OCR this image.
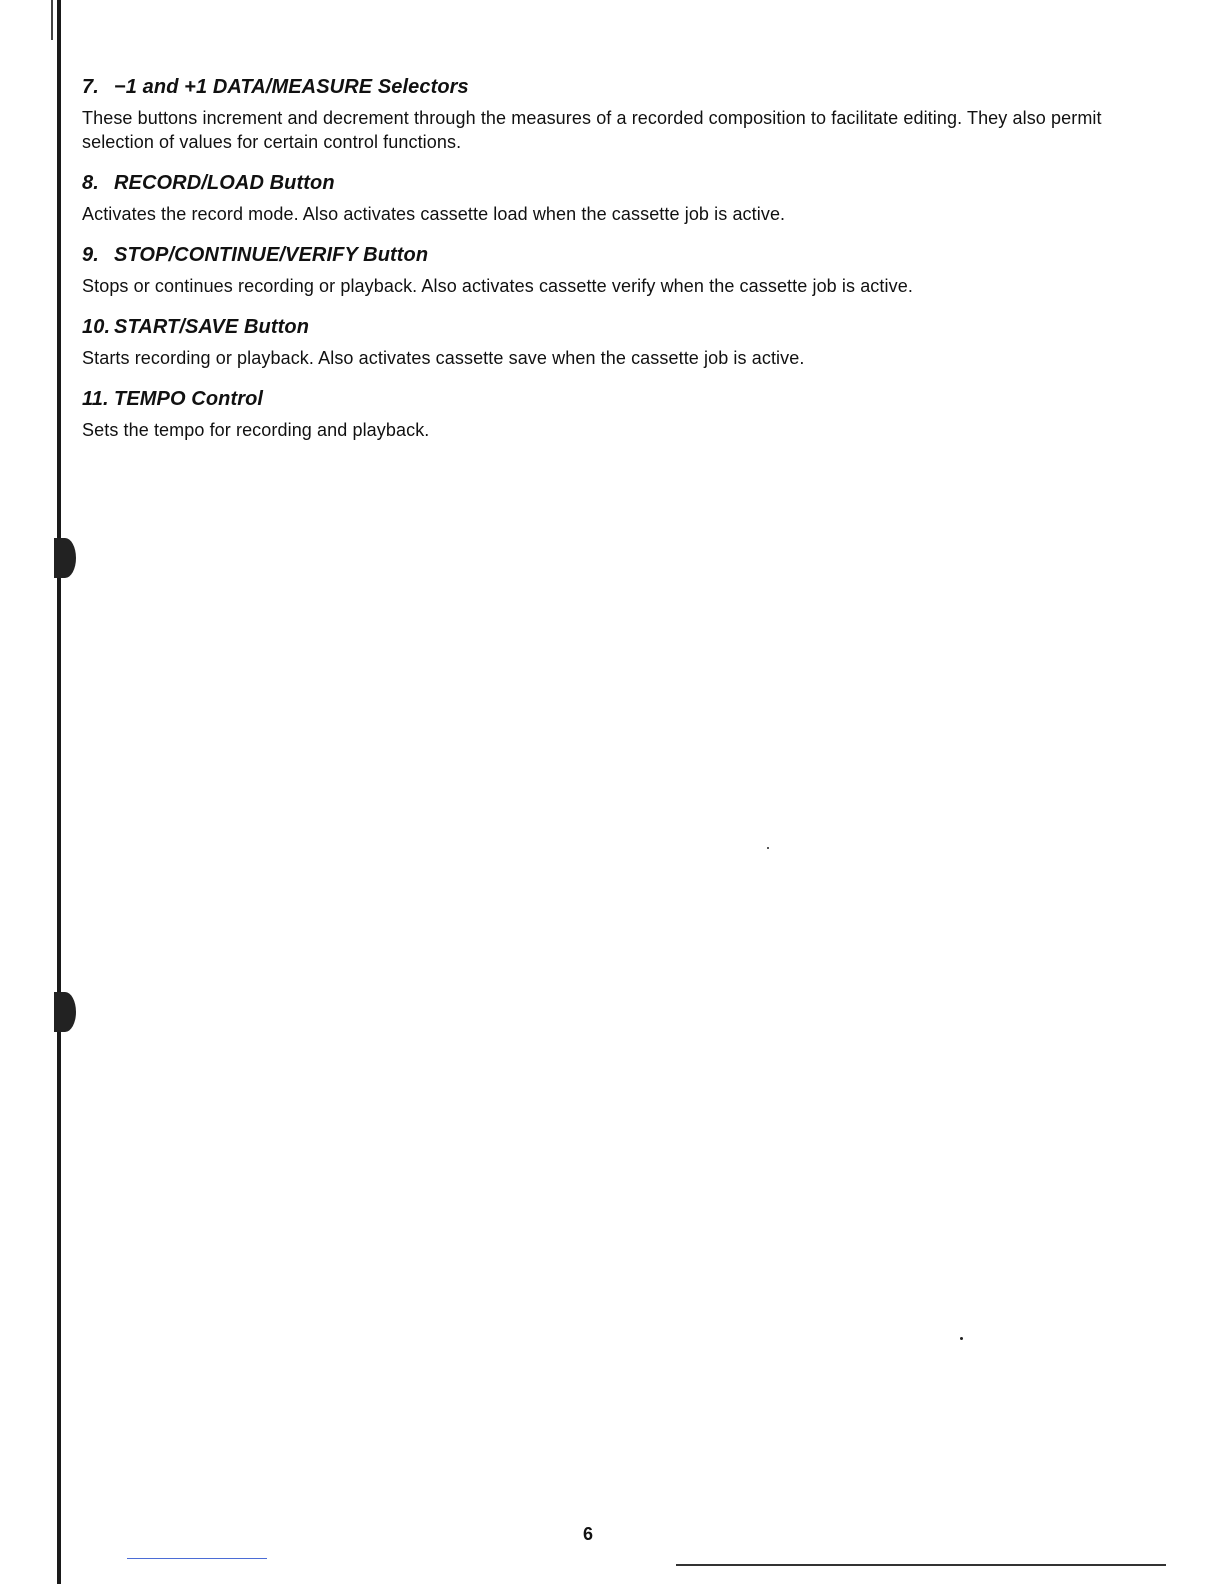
7. −1 and +1 DATA/MEASURE Selectors

These buttons increment and decrement through the measures of a recorded composition to facilitate editing. They also permit selection of values for certain control functions.

8. RECORD/LOAD Button

Activates the record mode. Also activates cassette load when the cassette job is active.

9. STOP/CONTINUE/VERIFY Button

Stops or continues recording or playback. Also activates cassette verify when the cassette job is active.

10. START/SAVE Button

Starts recording or playback. Also activates cassette save when the cassette job is active.

11. TEMPO Control

Sets the tempo for recording and playback.

6
